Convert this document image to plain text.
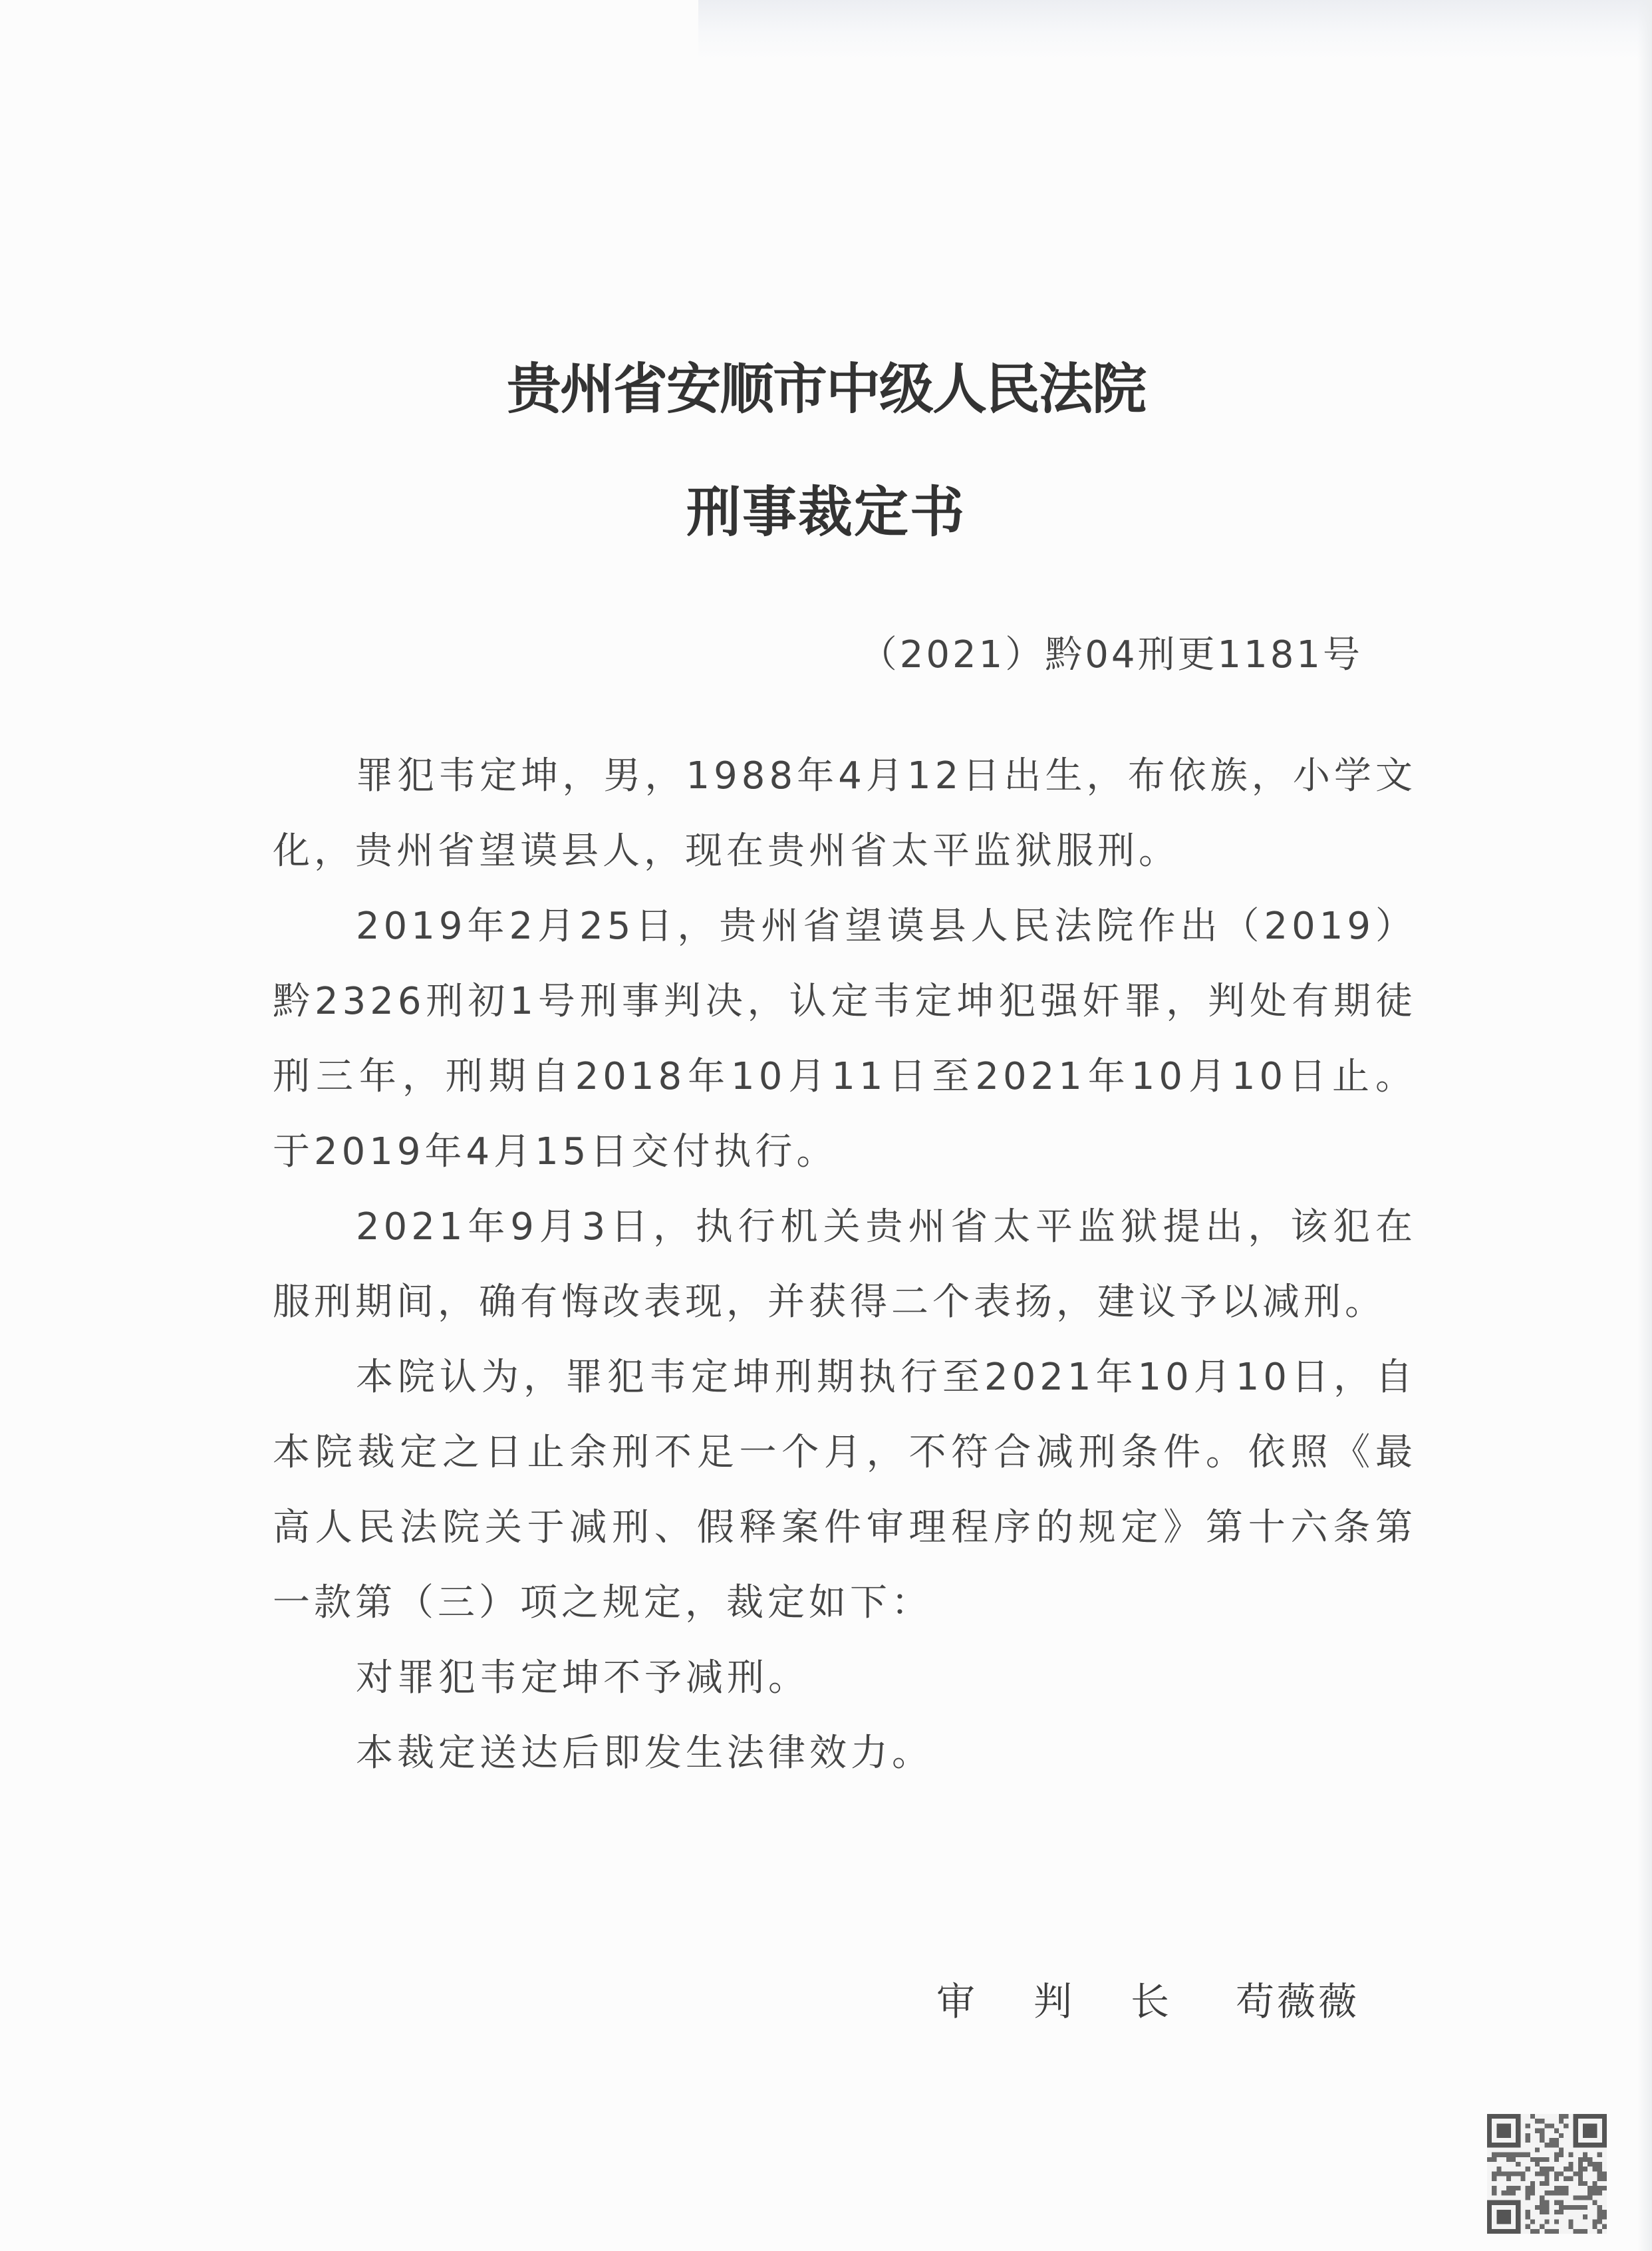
贵州省安顺市中级人民法院
刑事裁定书
（2021）黔04刑更1181号

罪犯韦定坤，男，1988年4月12日出生，布依族，小学文化，贵州省望谟县人，现在贵州省太平监狱服刑。

2019年2月25日，贵州省望谟县人民法院作出（2019）黔2326刑初1号刑事判决，认定韦定坤犯强奸罪，判处有期徒刑三年，刑期自2018年10月11日至2021年10月10日止。于2019年4月15日交付执行。

2021年9月3日，执行机关贵州省太平监狱提出，该犯在服刑期间，确有悔改表现，并获得二个表扬，建议予以减刑。

本院认为，罪犯韦定坤刑期执行至2021年10月10日，自本院裁定之日止余刑不足一个月，不符合减刑条件。依照《最高人民法院关于减刑、假释案件审理程序的规定》第十六条第一款第（三）项之规定，裁定如下：

对罪犯韦定坤不予减刑。

本裁定送达后即发生法律效力。

审判长 苟薇薇
